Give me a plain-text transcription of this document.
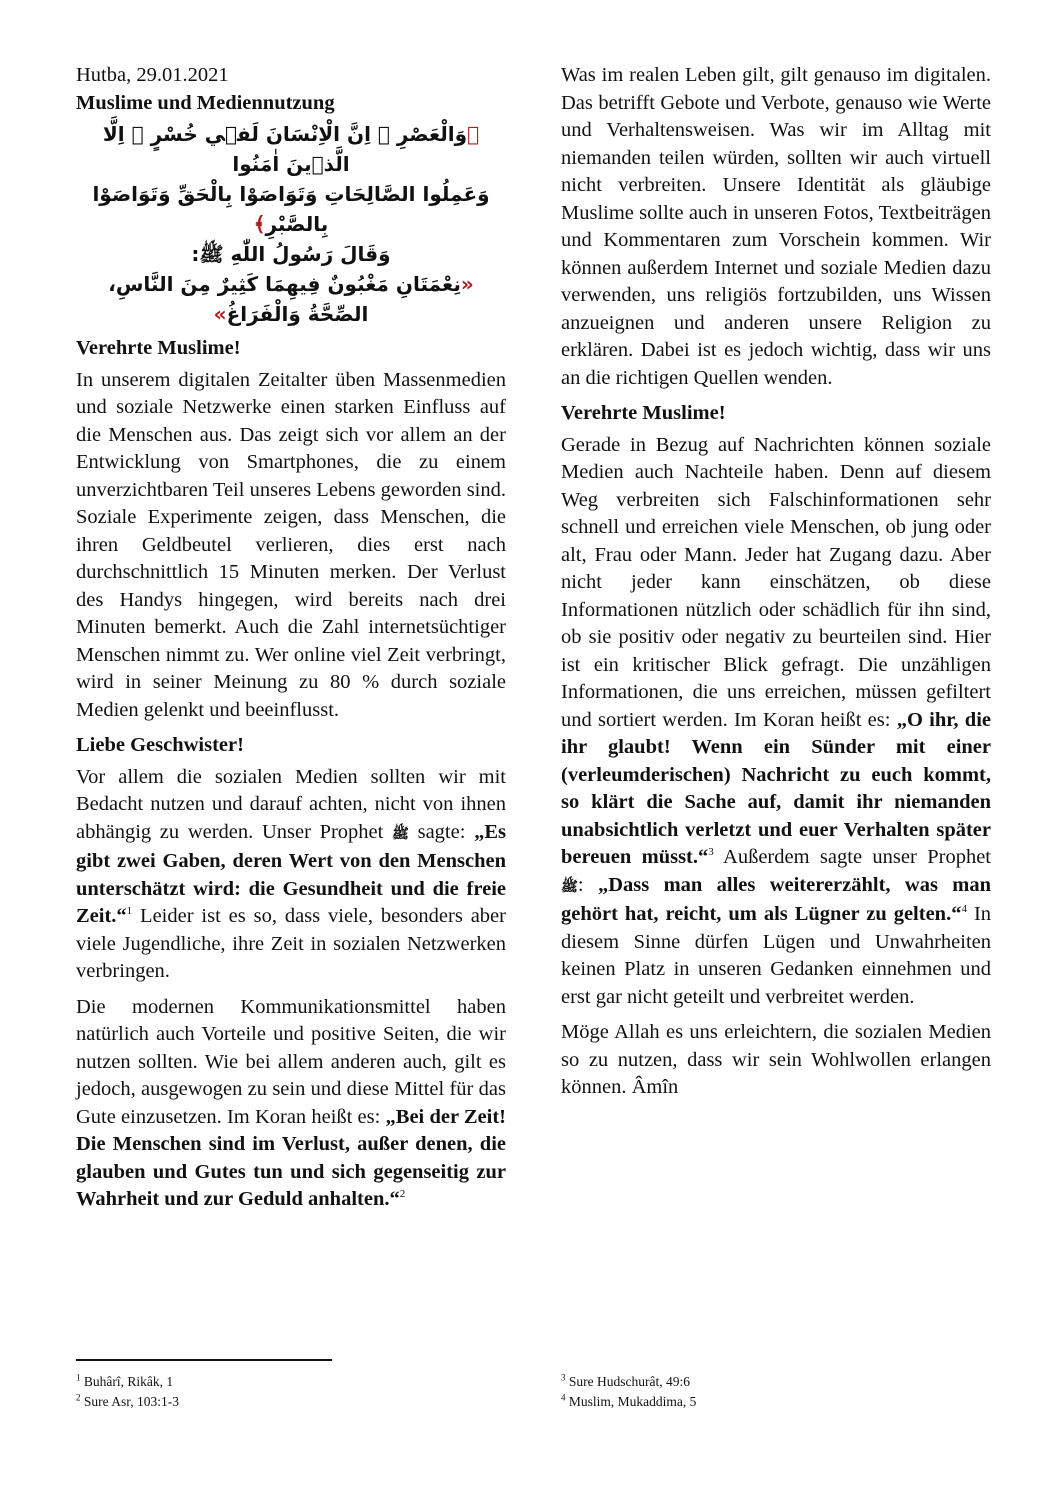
Hutba, 29.01.2021

Muslime und Mediennutzung

﴿وَالْعَصْرِ ۞ اِنَّ الْاِنْسَانَ لَفٖي خُسْرٍ ۞ اِلَّا الَّذٖينَ اٰمَنُوا
وَعَمِلُوا الصَّالِحَاتِ وَتَوَاصَوْا بِالْحَقِّ وَتَوَاصَوْا بِالصَّبْرِ﴾
وَقَالَ رَسُولُ اللّٰهِ ﷺ:
«نِعْمَتَانِ مَغْبُونٌ فِيهِمَا كَثِيرٌ مِنَ النَّاسِ، الصِّحَّةُ وَالْفَرَاغُ»
Verehrte Muslime!

In unserem digitalen Zeitalter üben Massenmedien und soziale Netzwerke einen starken Einfluss auf die Menschen aus. Das zeigt sich vor allem an der Entwicklung von Smartphones, die zu einem unverzichtbaren Teil unseres Lebens geworden sind. Soziale Experimente zeigen, dass Menschen, die ihren Geldbeutel verlieren, dies erst nach durchschnittlich 15 Minuten merken. Der Verlust des Handys hingegen, wird bereits nach drei Minuten bemerkt. Auch die Zahl internetsüchtiger Menschen nimmt zu. Wer online viel Zeit verbringt, wird in seiner Meinung zu 80 % durch soziale Medien gelenkt und beeinflusst.

Liebe Geschwister!

Vor allem die sozialen Medien sollten wir mit Bedacht nutzen und darauf achten, nicht von ihnen abhängig zu werden. Unser Prophet ﷺ sagte: „Es gibt zwei Gaben, deren Wert von den Menschen unterschätzt wird: die Gesundheit und die freie Zeit.“$^1$ Leider ist es so, dass viele, besonders aber viele Jugendliche, ihre Zeit in sozialen Netzwerken verbringen.

Die modernen Kommunikationsmittel haben natürlich auch Vorteile und positive Seiten, die wir nutzen sollten. Wie bei allem anderen auch, gilt es jedoch, ausgewogen zu sein und diese Mittel für das Gute einzusetzen. Im Koran heißt es: „Bei der Zeit! Die Menschen sind im Verlust, außer denen, die glauben und Gutes tun und sich gegenseitig zur Wahrheit und zur Geduld anhalten.“$^2$

Was im realen Leben gilt, gilt genauso im digitalen. Das betrifft Gebote und Verbote, genauso wie Werte und Verhaltensweisen. Was wir im Alltag mit niemanden teilen würden, sollten wir auch virtuell nicht verbreiten. Unsere Identität als gläubige Muslime sollte auch in unseren Fotos, Textbeiträgen und Kommentaren zum Vorschein kommen. Wir können außerdem Internet und soziale Medien dazu verwenden, uns religiös fortzubilden, uns Wissen anzueignen und anderen unsere Religion zu erklären. Dabei ist es jedoch wichtig, dass wir uns an die richtigen Quellen wenden.

Verehrte Muslime!

Gerade in Bezug auf Nachrichten können soziale Medien auch Nachteile haben. Denn auf diesem Weg verbreiten sich Falschinformationen sehr schnell und erreichen viele Menschen, ob jung oder alt, Frau oder Mann. Jeder hat Zugang dazu. Aber nicht jeder kann einschätzen, ob diese Informationen nützlich oder schädlich für ihn sind, ob sie positiv oder negativ zu beurteilen sind. Hier ist ein kritischer Blick gefragt. Die unzähligen Informationen, die uns erreichen, müssen gefiltert und sortiert werden. Im Koran heißt es: „O ihr, die ihr glaubt! Wenn ein Sünder mit einer (verleumderischen) Nachricht zu euch kommt, so klärt die Sache auf, damit ihr niemanden unabsichtlich verletzt und euer Verhalten später bereuen müsst.“$^3$ Außerdem sagte unser Prophet ﷺ: „Dass man alles weitererzählt, was man gehört hat, reicht, um als Lügner zu gelten.“$^4$ In diesem Sinne dürfen Lügen und Unwahrheiten keinen Platz in unseren Gedanken einnehmen und erst gar nicht geteilt und verbreitet werden.

Möge Allah es uns erleichtern, die sozialen Medien so zu nutzen, dass wir sein Wohlwollen erlangen können. Âmîn

$^1$ Buhârî, Rikâk, 1
$^2$ Sure Asr, 103:1-3
$^3$ Sure Hudschurât, 49:6
$^4$ Muslim, Mukaddima, 5
